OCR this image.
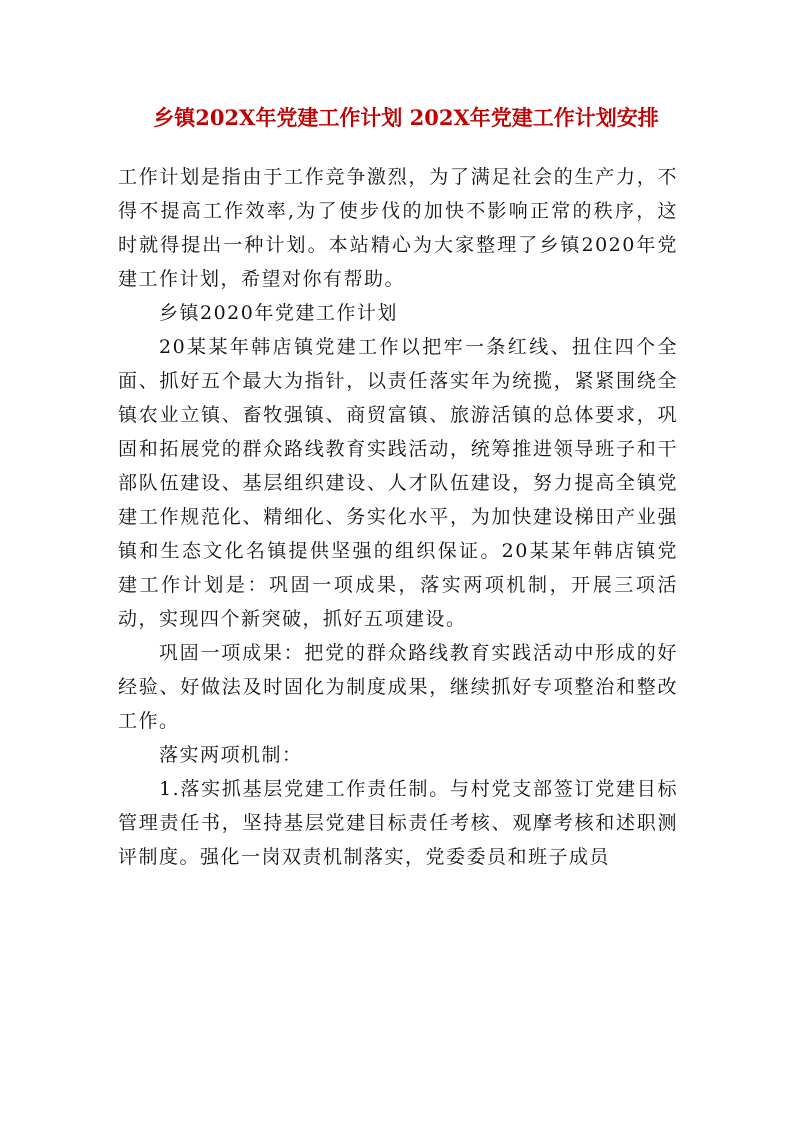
乡镇202X年党建工作计划 202X年党建工作计划安排

工作计划是指由于工作竞争激烈，为了满足社会的生产力，不得不提高工作效率,为了使步伐的加快不影响正常的秩序，这时就得提出一种计划。本站精心为大家整理了乡镇2020年党建工作计划，希望对你有帮助。

乡镇2020年党建工作计划

20某某年韩店镇党建工作以把牢一条红线、扭住四个全面、抓好五个最大为指针，以责任落实年为统揽，紧紧围绕全镇农业立镇、畜牧强镇、商贸富镇、旅游活镇的总体要求，巩固和拓展党的群众路线教育实践活动，统筹推进领导班子和干部队伍建设、基层组织建设、人才队伍建设，努力提高全镇党建工作规范化、精细化、务实化水平，为加快建设梯田产业强镇和生态文化名镇提供坚强的组织保证。20某某年韩店镇党建工作计划是：巩固一项成果，落实两项机制，开展三项活动，实现四个新突破，抓好五项建设。

巩固一项成果：把党的群众路线教育实践活动中形成的好经验、好做法及时固化为制度成果，继续抓好专项整治和整改工作。

落实两项机制：

1.落实抓基层党建工作责任制。与村党支部签订党建目标管理责任书，坚持基层党建目标责任考核、观摩考核和述职测评制度。强化一岗双责机制落实，党委委员和班子成员
